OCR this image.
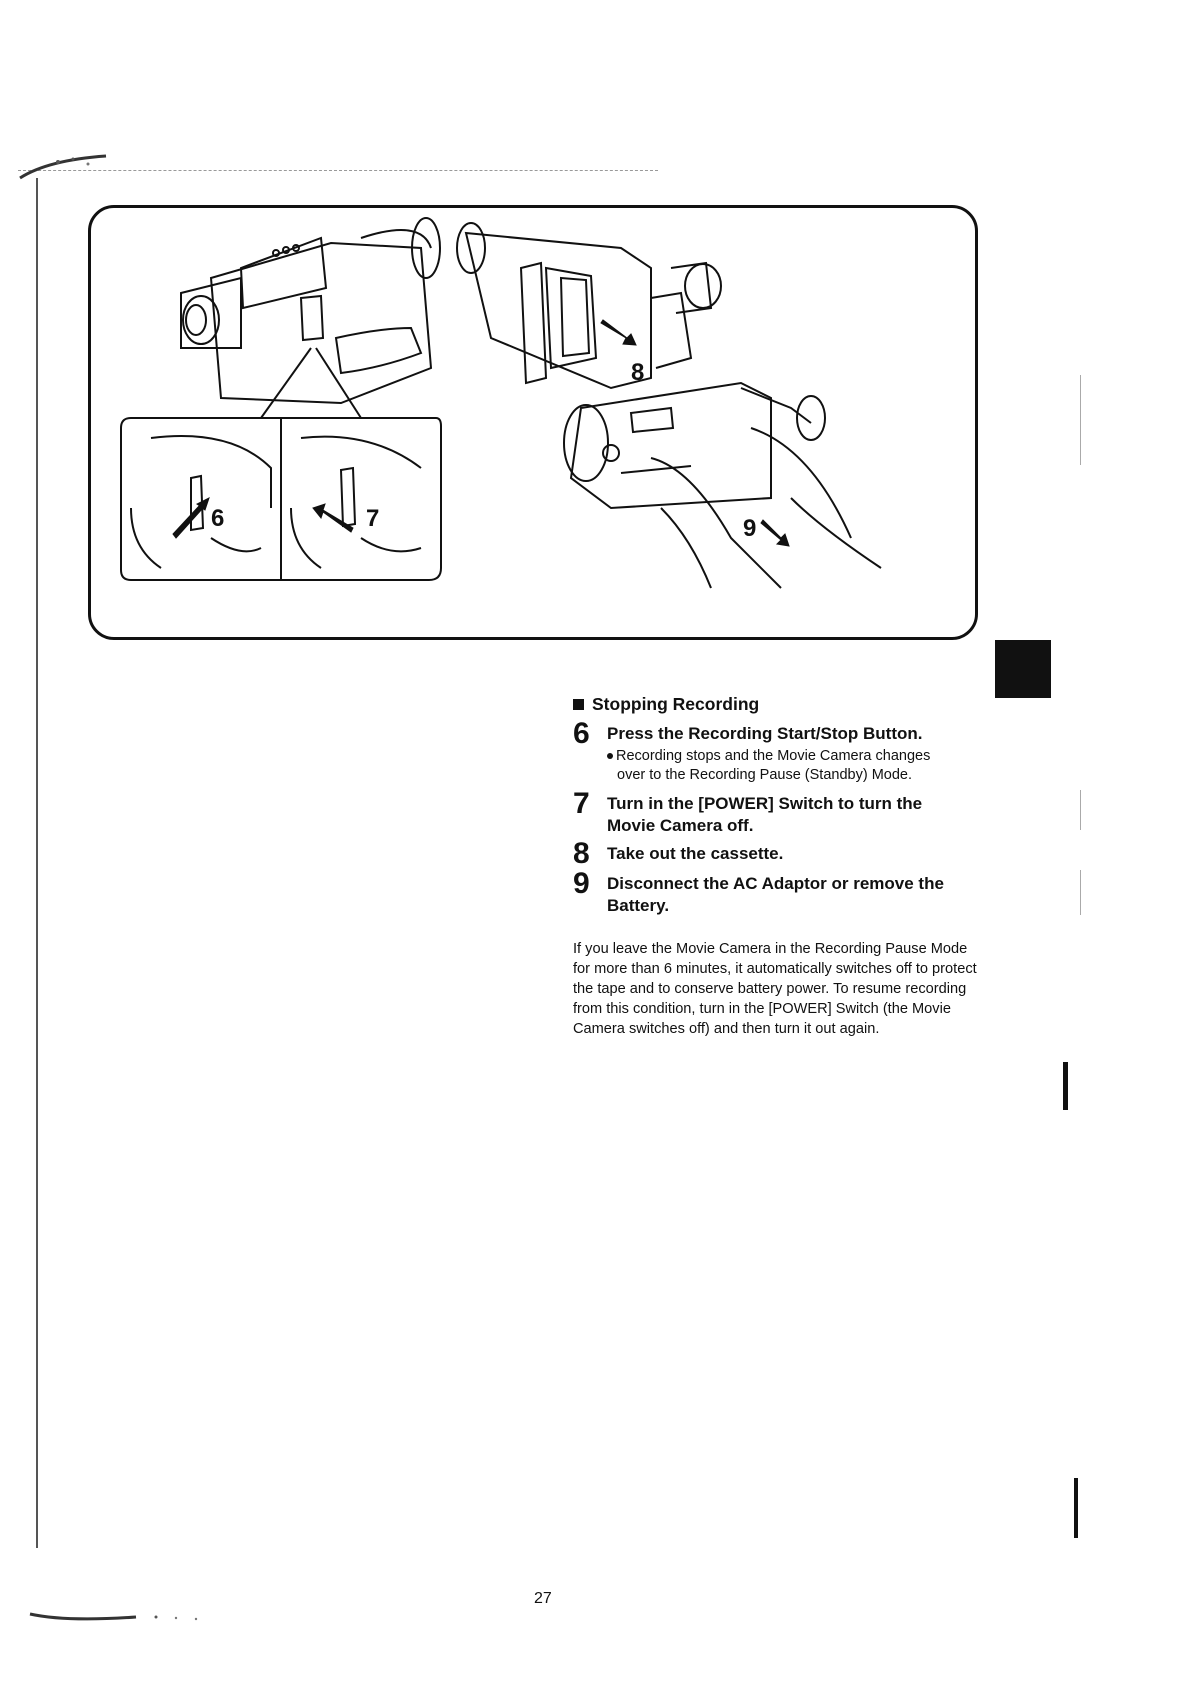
6	7
8
9
Stopping Recording
6	Press the Recording Start/Stop Button.
Recording stops and the Movie Camera changes
over to the Recording Pause (Standby) Mode.
7	Turn in the [POWER] Switch to turn the Movie Camera off.
8	Take out the cassette.
9	Disconnect the AC Adaptor or remove the Battery.

If you leave the Movie Camera in the Recording Pause Mode for more than 6 minutes, it automatically switches off to protect the tape and to conserve battery power. To resume recording from this condition, turn in the [POWER] Switch (the Movie Camera switches off) and then turn it out again.

27
